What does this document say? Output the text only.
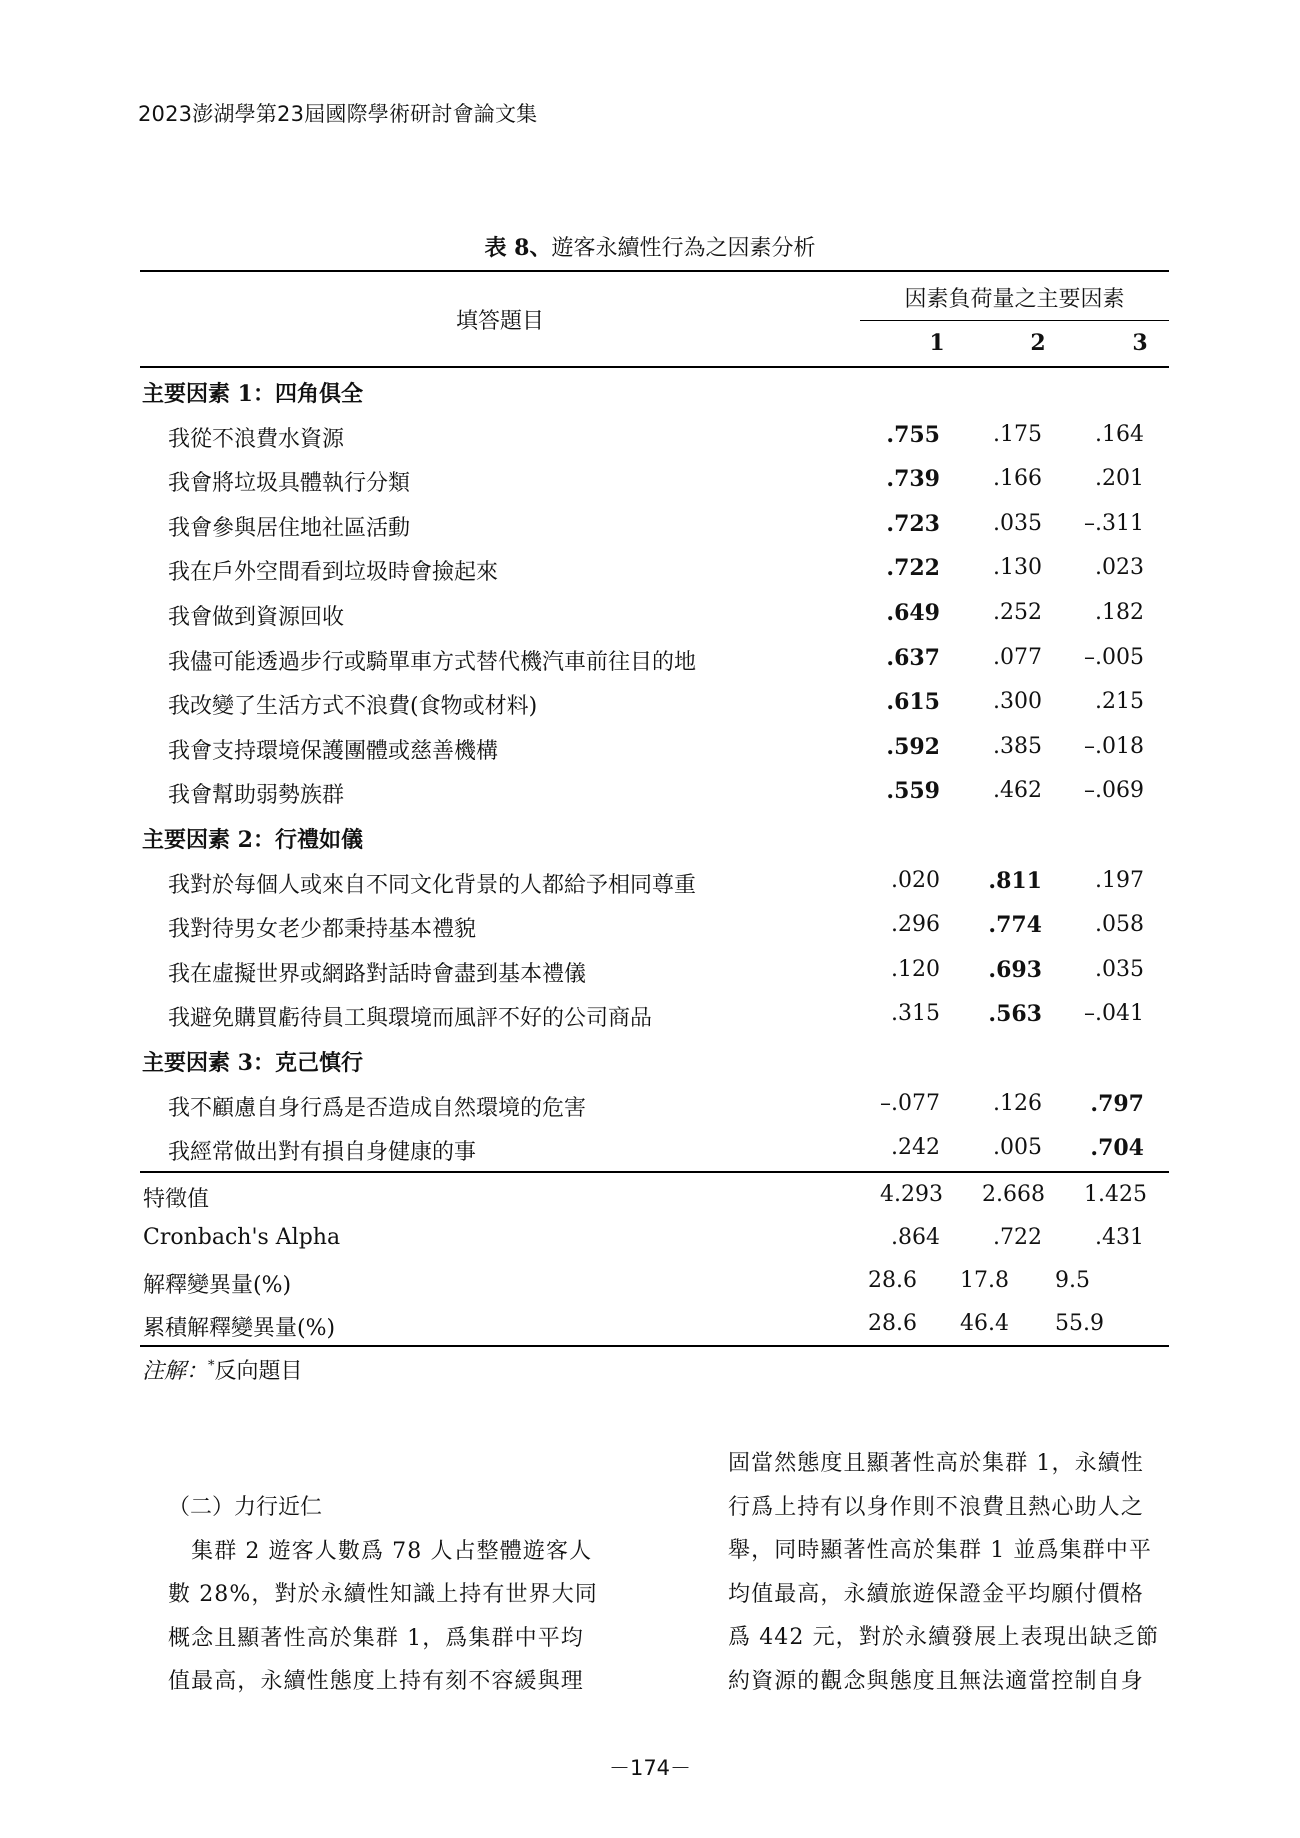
2023澎湖學第23屆國際學術研討會論文集
表 8、遊客永續性行為之因素分析
填答題目
因素負荷量之主要因素
1	2	3
主要因素 1：四角俱全
我從不浪費水資源	.755	.175	.164
我會將垃圾具體執行分類	.739	.166	.201
我會參與居住地社區活動	.723	.035 –.311
我在戶外空間看到垃圾時會撿起來	.722	.130	.023
我會做到資源回收	.649	.252	.182
我儘可能透過步行或騎單車方式替代機汽車前往目的地	.637	.077 –.005
我改變了生活方式不浪費(食物或材料)	.615	.300	.215
我會支持環境保護團體或慈善機構	.592	.385 –.018
我會幫助弱勢族群	.559	.462 –.069
主要因素 2：行禮如儀
我對於每個人或來自不同文化背景的人都給予相同尊重	.020 .811	.197
我對待男女老少都秉持基本禮貌	.296 .774	.058
我在虛擬世界或網路對話時會盡到基本禮儀	.120 .693	.035
我避免購買虧待員工與環境而風評不好的公司商品	.315 .563 –.041
主要因素 3：克己慎行
我不顧慮自身行爲是否造成自然環境的危害	–.077	.126 .797
我經常做出對有損自身健康的事	.242	.005 .704
特徵值	4.293 2.668 1.425
Cronbach's Alpha	.864	.722	.431
解釋變異量(%)	28.6 17.8 9.5
累積解釋變異量(%)	28.6 46.4 55.9
注解：*反向題目
（二）力行近仁
　集群 2 遊客人數爲 78 人占整體遊客人
數 28%，對於永續性知識上持有世界大同
概念且顯著性高於集群 1，爲集群中平均
值最高，永續性態度上持有刻不容緩與理
固當然態度且顯著性高於集群 1，永續性
行爲上持有以身作則不浪費且熱心助人之
舉，同時顯著性高於集群 1 並爲集群中平
均值最高，永續旅遊保證金平均願付價格
爲 442 元，對於永續發展上表現出缺乏節
約資源的觀念與態度且無法適當控制自身
－174－
